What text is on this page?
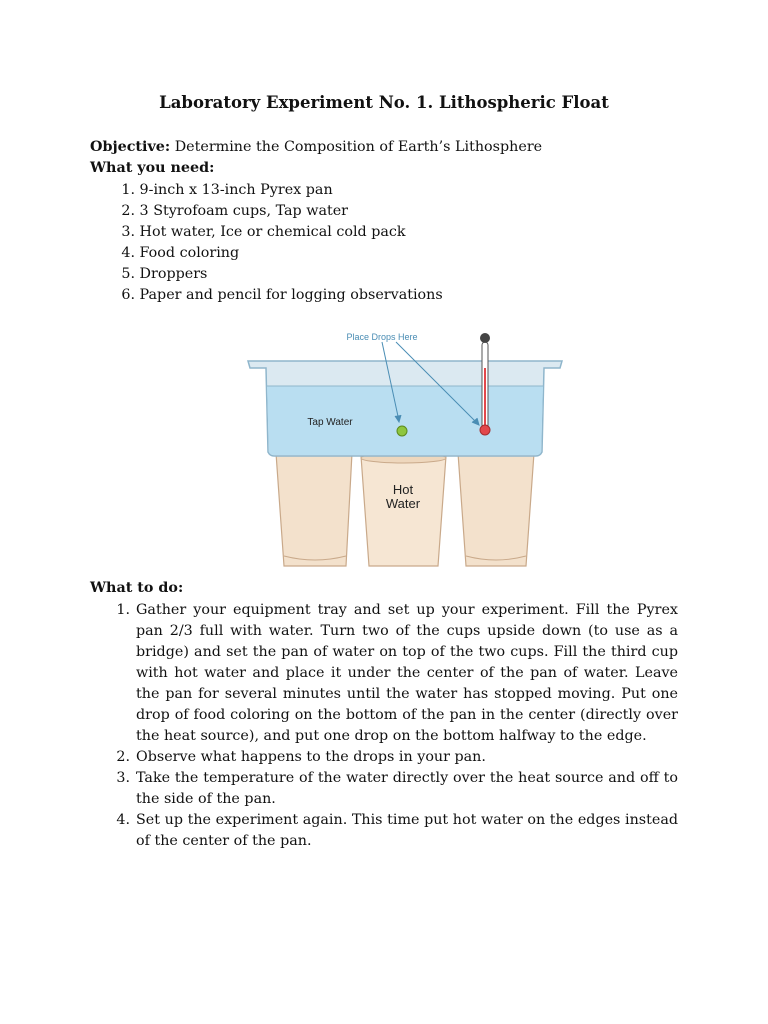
Laboratory Experiment No. 1. Lithospheric Float
Objective: Determine the Composition of Earth’s Lithosphere
What you need:
1. 9-inch x 13-inch Pyrex pan
2. 3 Styrofoam cups, Tap water
3. Hot water, Ice or chemical cold pack
4. Food coloring
5. Droppers
6. Paper and pencil for logging observations
Hot
Water
Tap Water
Place Drops Here
What to do:
1. Gather your equipment tray and set up your experiment. Fill the Pyrex pan 2/3 full with water. Turn two of the cups upside down (to use as a bridge) and set the pan of water on top of the two cups. Fill the third cup with hot water and place it under the center of the pan of water. Leave the pan for several minutes until the water has stopped moving. Put one drop of food coloring on the bottom of the pan in the center (directly over the heat source), and put one drop on the bottom halfway to the edge.
2. Observe what happens to the drops in your pan.
3. Take the temperature of the water directly over the heat source and off to the side of the pan.
4. Set up the experiment again. This time put hot water on the edges instead of the center of the pan.
